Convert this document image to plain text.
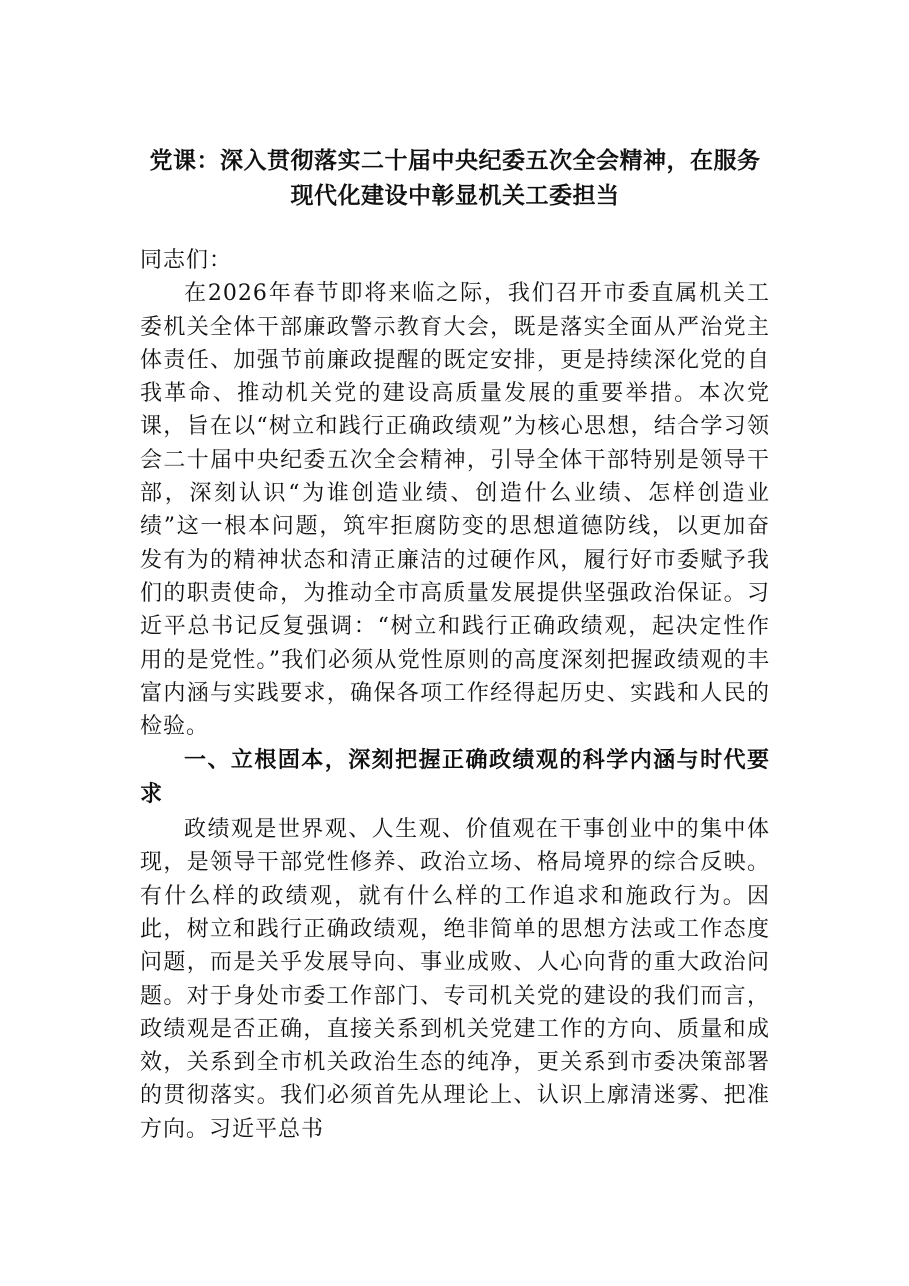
党课：深入贯彻落实二十届中央纪委五次全会精神，在服务现代化建设中彰显机关工委担当

同志们：

在2026年春节即将来临之际，我们召开市委直属机关工委机关全体干部廉政警示教育大会，既是落实全面从严治党主体责任、加强节前廉政提醒的既定安排，更是持续深化党的自我革命、推动机关党的建设高质量发展的重要举措。本次党课，旨在以“树立和践行正确政绩观”为核心思想，结合学习领会二十届中央纪委五次全会精神，引导全体干部特别是领导干部，深刻认识“为谁创造业绩、创造什么业绩、怎样创造业绩”这一根本问题，筑牢拒腐防变的思想道德防线，以更加奋发有为的精神状态和清正廉洁的过硬作风，履行好市委赋予我们的职责使命，为推动全市高质量发展提供坚强政治保证。习近平总书记反复强调：“树立和践行正确政绩观，起决定性作用的是党性。”我们必须从党性原则的高度深刻把握政绩观的丰富内涵与实践要求，确保各项工作经得起历史、实践和人民的检验。

一、立根固本，深刻把握正确政绩观的科学内涵与时代要求

政绩观是世界观、人生观、价值观在干事创业中的集中体现，是领导干部党性修养、政治立场、格局境界的综合反映。有什么样的政绩观，就有什么样的工作追求和施政行为。因此，树立和践行正确政绩观，绝非简单的思想方法或工作态度问题，而是关乎发展导向、事业成败、人心向背的重大政治问题。对于身处市委工作部门、专司机关党的建设的我们而言，政绩观是否正确，直接关系到机关党建工作的方向、质量和成效，关系到全市机关政治生态的纯净，更关系到市委决策部署的贯彻落实。我们必须首先从理论上、认识上廓清迷雾、把准方向。习近平总书
